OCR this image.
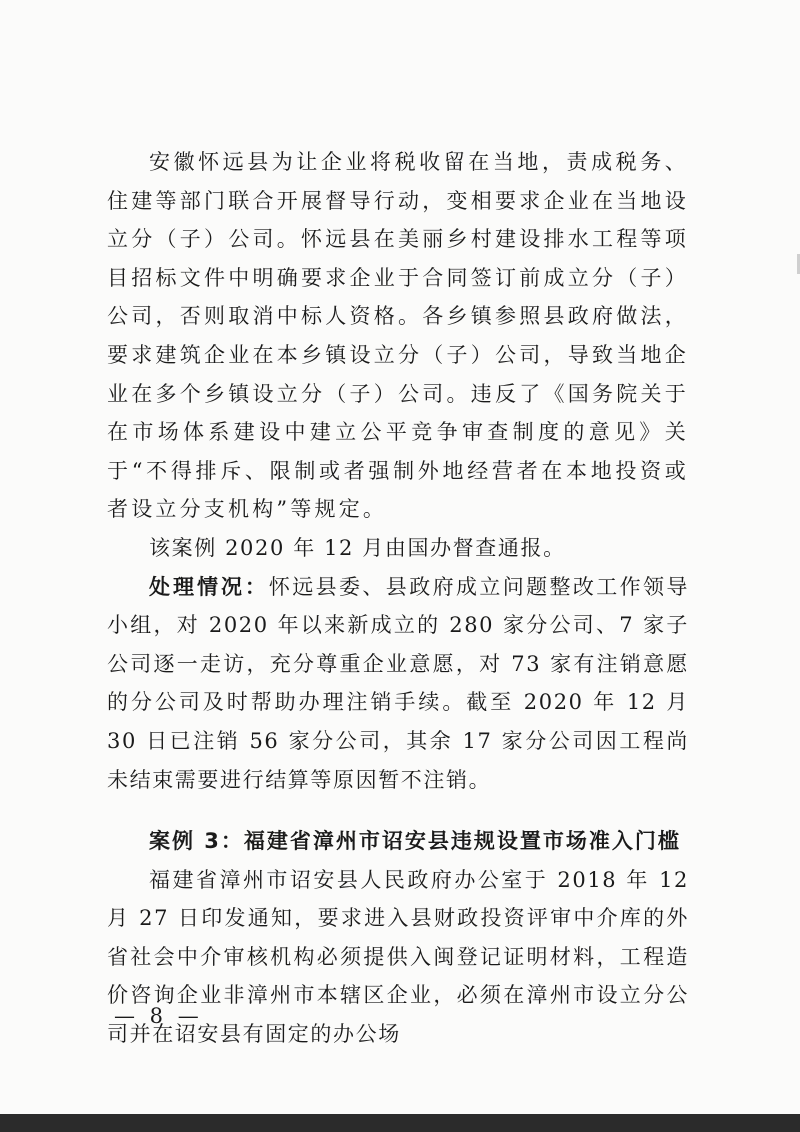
安徽怀远县为让企业将税收留在当地，责成税务、住建等部门联合开展督导行动，变相要求企业在当地设立分（子）公司。怀远县在美丽乡村建设排水工程等项目招标文件中明确要求企业于合同签订前成立分（子）公司，否则取消中标人资格。各乡镇参照县政府做法，要求建筑企业在本乡镇设立分（子）公司，导致当地企业在多个乡镇设立分（子）公司。违反了《国务院关于在市场体系建设中建立公平竞争审查制度的意见》关于“不得排斥、限制或者强制外地经营者在本地投资或者设立分支机构”等规定。

该案例 2020 年 12 月由国办督查通报。

处理情况：怀远县委、县政府成立问题整改工作领导小组，对 2020 年以来新成立的 280 家分公司、7 家子公司逐一走访，充分尊重企业意愿，对 73 家有注销意愿的分公司及时帮助办理注销手续。截至 2020 年 12 月 30 日已注销 56 家分公司，其余 17 家分公司因工程尚未结束需要进行结算等原因暂不注销。

案例 3：福建省漳州市诏安县违规设置市场准入门槛

福建省漳州市诏安县人民政府办公室于 2018 年 12 月 27 日印发通知，要求进入县财政投资评审中介库的外省社会中介审核机构必须提供入闽登记证明材料，工程造价咨询企业非漳州市本辖区企业，必须在漳州市设立分公司并在诏安县有固定的办公场

— 8 —
